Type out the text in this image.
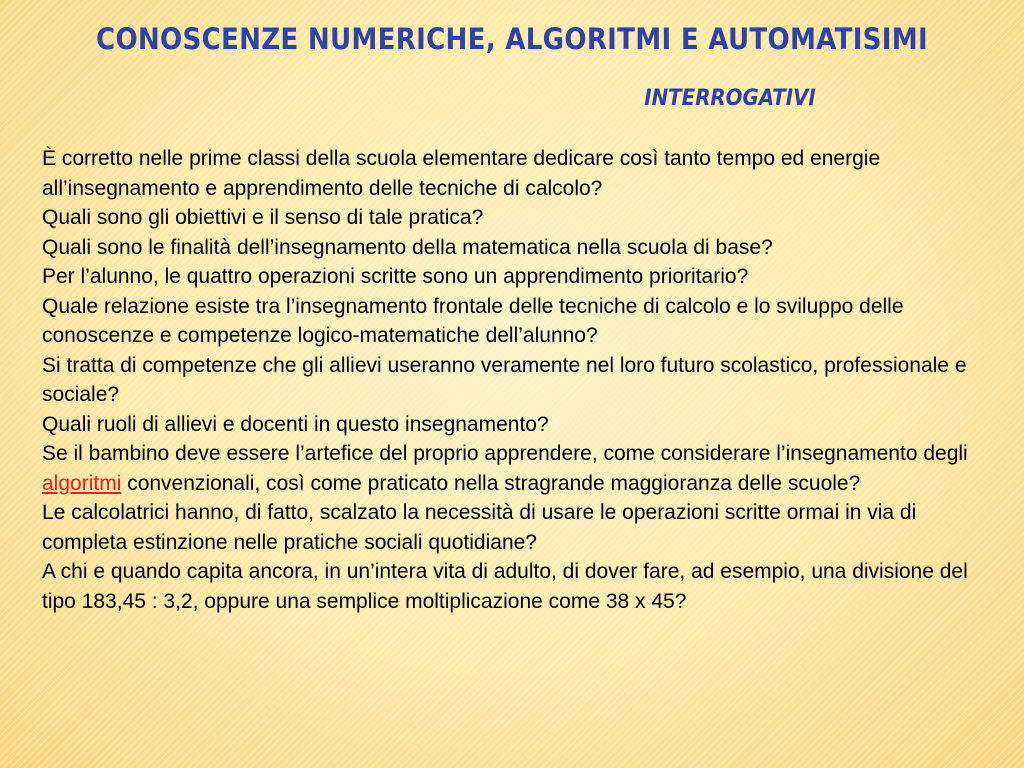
CONOSCENZE NUMERICHE, ALGORITMI E AUTOMATISIMI
INTERROGATIVI

È corretto nelle prime classi della scuola elementare dedicare così tanto tempo ed energie all’insegnamento e apprendimento delle tecniche di calcolo?

Quali sono gli obiettivi e il senso di tale pratica?

Quali sono le finalità dell’insegnamento della matematica nella scuola di base?

Per l’alunno, le quattro operazioni scritte sono un apprendimento prioritario?

Quale relazione esiste tra l’insegnamento frontale delle tecniche di calcolo e lo sviluppo delle conoscenze e competenze logico-matematiche dell’alunno?

Si tratta di competenze che gli allievi useranno veramente nel loro futuro scolastico, professionale e sociale?

Quali ruoli di allievi e docenti in questo insegnamento?

Se il bambino deve essere l’artefice del proprio apprendere, come considerare l’insegnamento degli algoritmi convenzionali, così come praticato nella stragrande maggioranza delle scuole?

Le calcolatrici hanno, di fatto, scalzato la necessità di usare le operazioni scritte ormai in via di completa estinzione nelle pratiche sociali quotidiane?

A chi e quando capita ancora, in un’intera vita di adulto, di dover fare, ad esempio, una divisione del tipo 183,45 : 3,2, oppure una semplice moltiplicazione come 38 x 45?
